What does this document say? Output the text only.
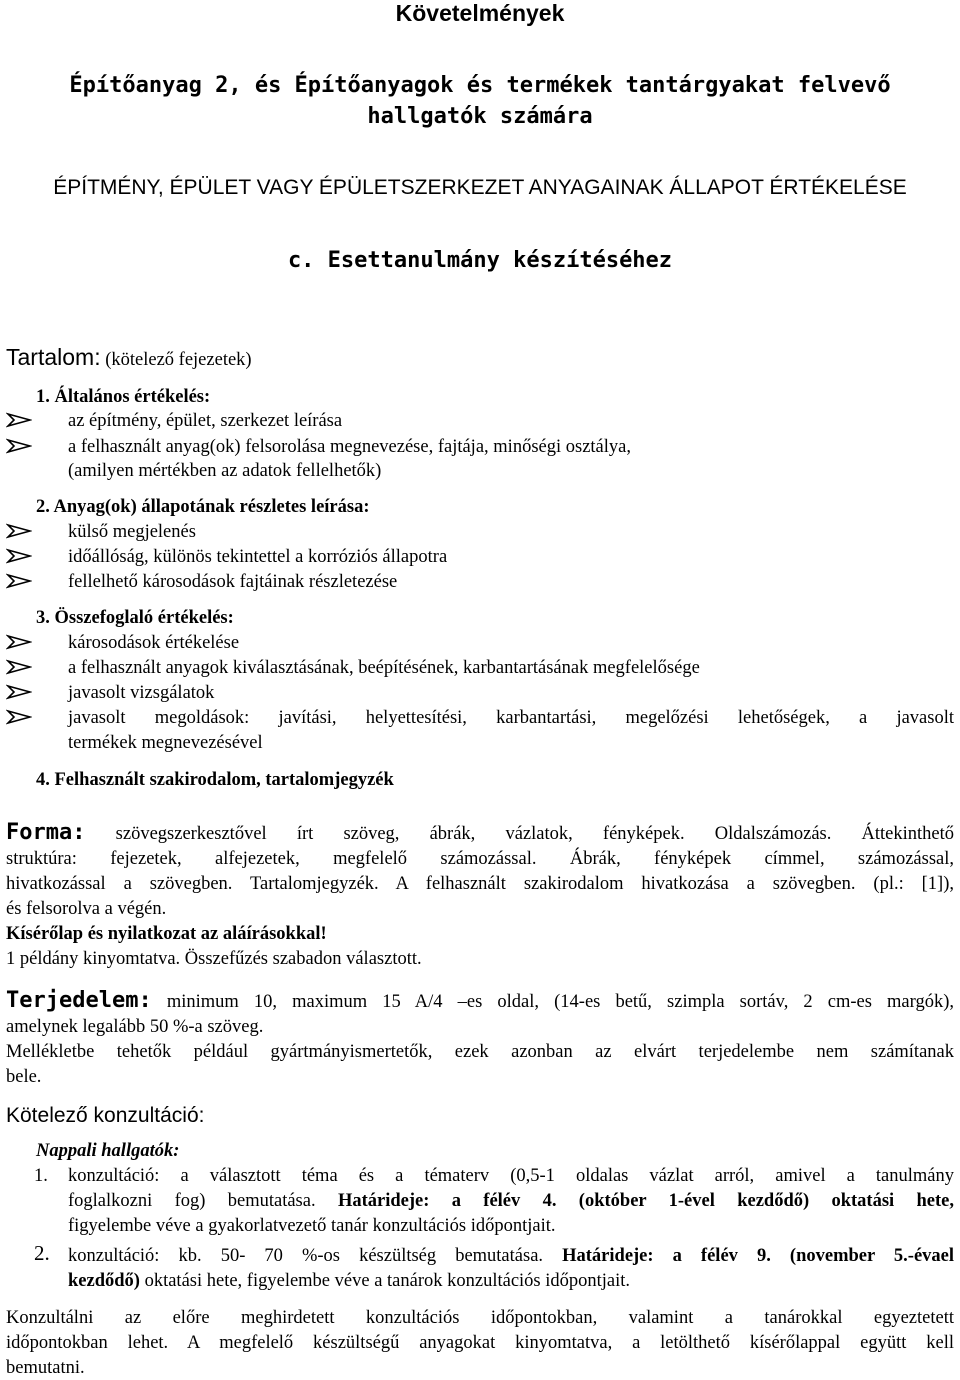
Követelmények
Építőanyag 2, és Építőanyagok és termékek tantárgyakat felvevő
hallgatók számára
ÉPÍTMÉNY, ÉPÜLET VAGY ÉPÜLETSZERKEZET ANYAGAINAK ÁLLAPOT ÉRTÉKELÉSE
c. Esettanulmány készítéséhez
Tartalom: (kötelező fejezetek)
1. Általános értékelés:
az építmény, épület, szerkezet leírása
a felhasznált anyag(ok) felsorolása megnevezése, fajtája, minőségi osztálya,
(amilyen mértékben az adatok fellelhetők)
2. Anyag(ok) állapotának részletes leírása:
külső megjelenés
időállóság, különös tekintettel a korróziós állapotra
fellelhető károsodások fajtáinak részletezése
3. Összefoglaló értékelés:
károsodások értékelése
a felhasznált anyagok kiválasztásának, beépítésének, karbantartásának megfelelősége
javasolt vizsgálatok
javasolt megoldások: javítási, helyettesítési, karbantartási, megelőzési lehetőségek, a javasolt
termékek megnevezésével
4. Felhasznált szakirodalom, tartalomjegyzék
Forma: szövegszerkesztővel írt szöveg, ábrák, vázlatok, fényképek. Oldalszámozás. Áttekinthető
struktúra: fejezetek, alfejezetek, megfelelő számozással. Ábrák, fényképek címmel, számozással,
hivatkozással a szövegben. Tartalomjegyzék. A felhasznált szakirodalom hivatkozása a szövegben. (pl.: [1]),
és felsorolva a végén.
Kísérőlap és nyilatkozat az aláírásokkal!
1 példány kinyomtatva. Összefűzés szabadon választott.
Terjedelem: minimum 10, maximum 15 A/4 –es oldal, (14-es betű, szimpla sortáv, 2 cm-es margók),
amelynek legalább 50 %-a szöveg.
Mellékletbe tehetők például gyártmányismertetők, ezek azonban az elvárt terjedelembe nem számítanak
bele.
Kötelező konzultáció:
Nappali hallgatók:
1. konzultáció: a választott téma és a tématerv (0,5-1 oldalas vázlat arról, amivel a tanulmány
foglalkozni fog) bemutatása. Határideje: a félév 4. (október 1-ével kezdődő) oktatási hete,
figyelembe véve a gyakorlatvezető tanár konzultációs időpontjait.
2. konzultáció: kb. 50- 70 %-os készültség bemutatása. Határideje: a félév 9. (november 5.-évael
kezdődő) oktatási hete, figyelembe véve a tanárok konzultációs időpontjait.
Konzultálni az előre meghirdetett konzultációs időpontokban, valamint a tanárokkal egyeztetett
időpontokban lehet. A megfelelő készültségű anyagokat kinyomtatva, a letölthető kísérőlappal együtt kell
bemutatni.
